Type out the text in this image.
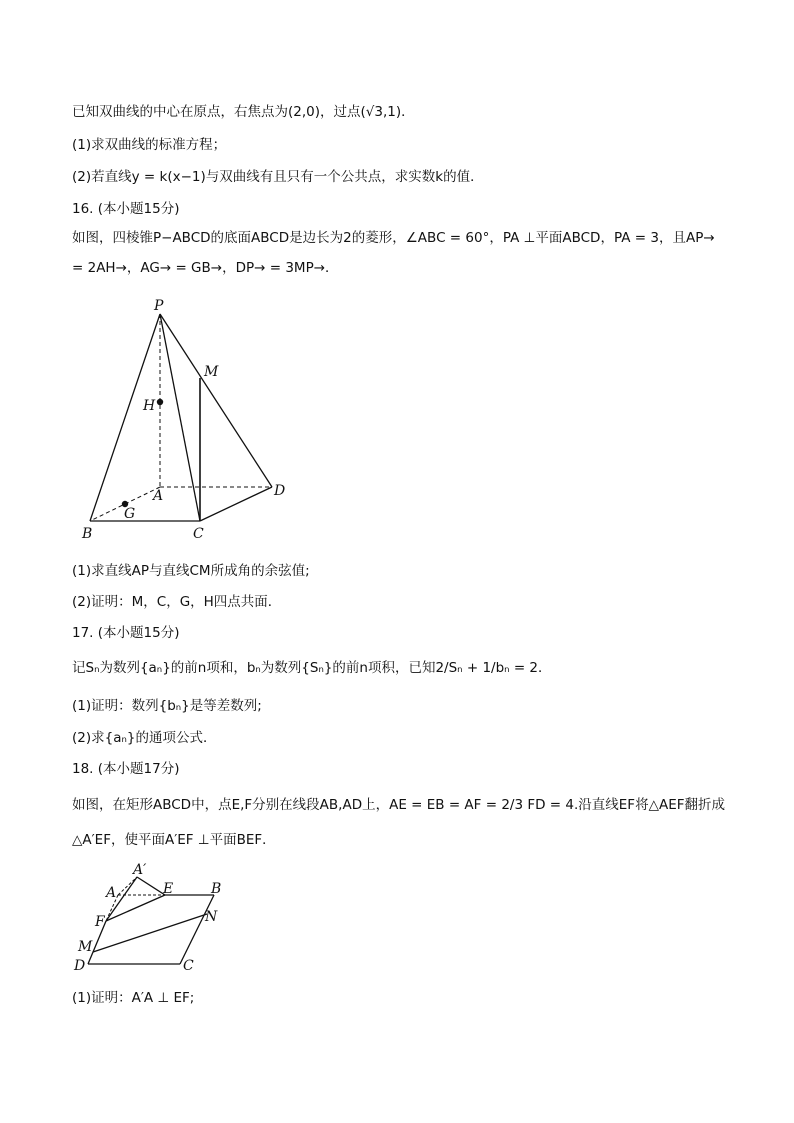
已知双曲线的中心在原点，右焦点为(2,0)，过点(√3,1)．
(1)求双曲线的标准方程；
(2)若直线y = k(x−1)与双曲线有且只有一个公共点，求实数k的值．
16. (本小题15分)
如图，四棱锥P−ABCD的底面ABCD是边长为2的菱形，∠ABC = 60°，PA ⊥平面ABCD，PA = 3，且AP→
= 2AH→，AG→ = GB→，DP→ = 3MP→．
P
M
H
A	D
G
B	C
(1)求直线AP与直线CM所成角的余弦值;
(2)证明：M，C，G，H四点共面．
17. (本小题15分)
记Sₙ为数列{aₙ}的前n项和，bₙ为数列{Sₙ}的前n项积，已知2/Sₙ + 1/bₙ = 2．
(1)证明：数列{bₙ}是等差数列;
(2)求{aₙ}的通项公式．
18. (本小题17分)
如图，在矩形ABCD中，点E,F分别在线段AB,AD上，AE = EB = AF = 2/3 FD = 4.沿直线EF将△AEF翻折成
△A′EF，使平面A′EF ⊥平面BEF．
A′
A	E	B
F	N
M
D	C
(1)证明：A′A ⊥ EF;
